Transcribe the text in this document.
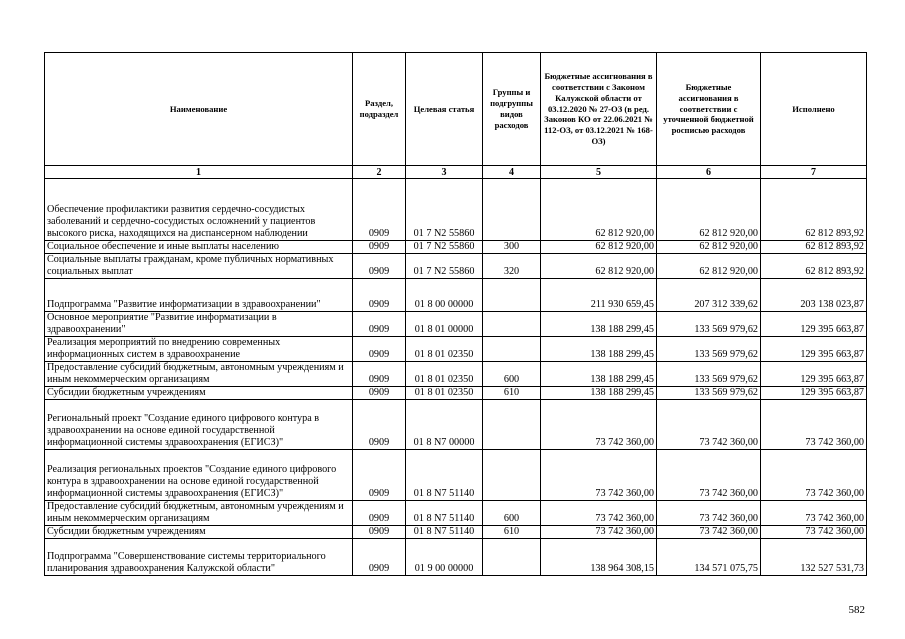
Наименование	Раздел, подраздел	Целевая статья	Группы и подгруппы видов расходов	Бюджетные ассигнования в соответствии с Законом Калужской области от 03.12.2020 № 27-ОЗ (в ред. Законов КО от 22.06.2021 № 112-ОЗ, от 03.12.2021 № 168-ОЗ)	Бюджетные ассигнования в соответствии с уточненной бюджетной росписью расходов	Исполнено
1	2	3	4	5	6	7
Обеспечение профилактики развития сердечно-сосудистых заболеваний и сердечно-сосудистых осложнений у пациентов высокого риска, находящихся на диспансерном наблюдении	0909	01 7 N2 55860		62 812 920,00	62 812 920,00	62 812 893,92
Социальное обеспечение и иные выплаты населению	0909	01 7 N2 55860	300	62 812 920,00	62 812 920,00	62 812 893,92
Социальные выплаты гражданам, кроме публичных нормативных социальных выплат	0909	01 7 N2 55860	320	62 812 920,00	62 812 920,00	62 812 893,92
Подпрограмма "Развитие информатизации в здравоохранении"	0909	01 8 00 00000		211 930 659,45	207 312 339,62	203 138 023,87
Основное мероприятие "Развитие информатизации в здравоохранении"	0909	01 8 01 00000		138 188 299,45	133 569 979,62	129 395 663,87
Реализация мероприятий по внедрению современных информационных систем в здравоохранение	0909	01 8 01 02350		138 188 299,45	133 569 979,62	129 395 663,87
Предоставление субсидий бюджетным, автономным учреждениям и иным некоммерческим организациям	0909	01 8 01 02350	600	138 188 299,45	133 569 979,62	129 395 663,87
Субсидии бюджетным учреждениям	0909	01 8 01 02350	610	138 188 299,45	133 569 979,62	129 395 663,87
Региональный проект "Создание единого цифрового контура в здравоохранении на основе единой государственной информационной системы здравоохранения (ЕГИСЗ)"	0909	01 8 N7 00000		73 742 360,00	73 742 360,00	73 742 360,00
Реализация региональных проектов "Создание единого цифрового контура в здравоохранении на основе единой государственной информационной системы здравоохранения (ЕГИСЗ)"	0909	01 8 N7 51140		73 742 360,00	73 742 360,00	73 742 360,00
Предоставление субсидий бюджетным, автономным учреждениям и иным некоммерческим организациям	0909	01 8 N7 51140	600	73 742 360,00	73 742 360,00	73 742 360,00
Субсидии бюджетным учреждениям	0909	01 8 N7 51140	610	73 742 360,00	73 742 360,00	73 742 360,00
Подпрограмма "Совершенствование системы территориального планирования здравоохранения Калужской области"	0909	01 9 00 00000		138 964 308,15	134 571 075,75	132 527 531,73
582
